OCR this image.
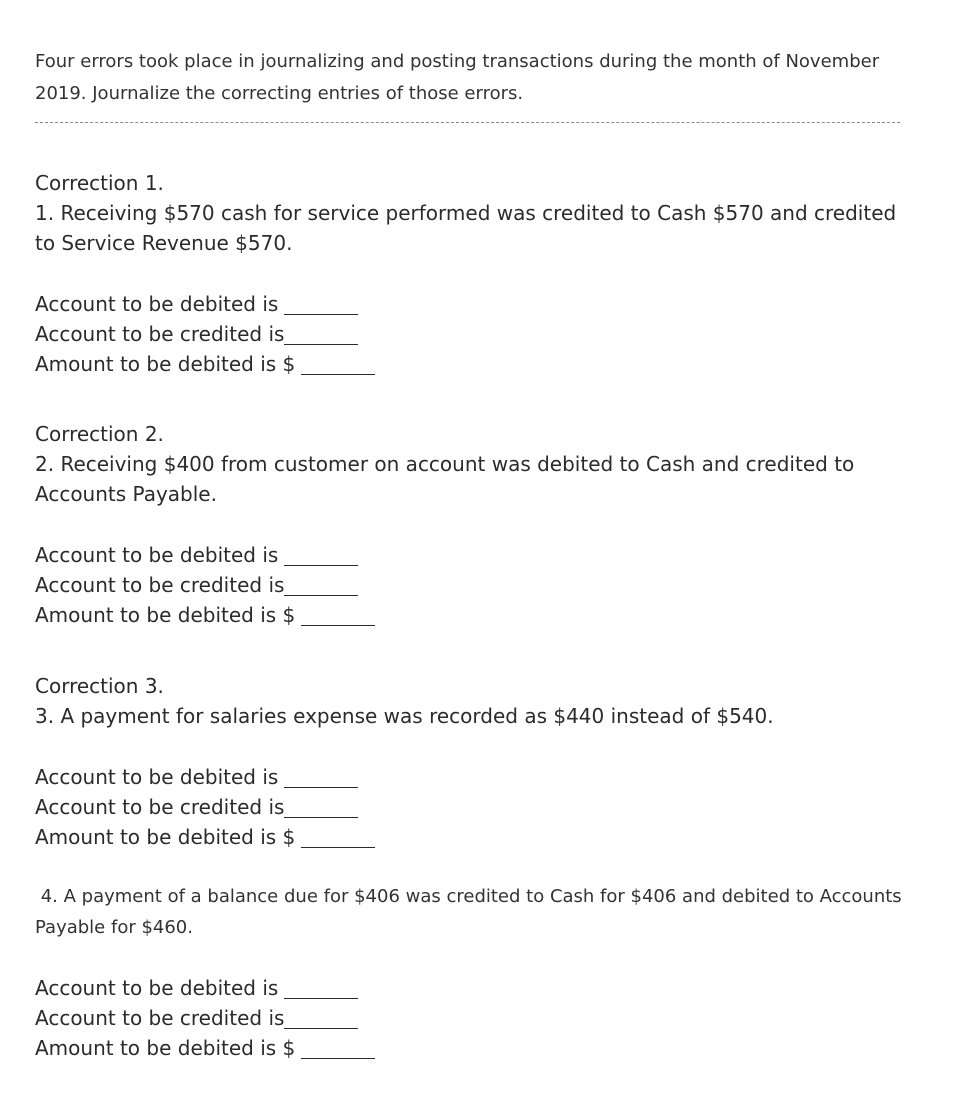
Four errors took place in journalizing and posting transactions during the month of November 2019. Journalize the correcting entries of those errors.
Correction 1.
1. Receiving $570 cash for service performed was credited to Cash $570 and credited to Service Revenue $570.
Account to be debited is
Account to be credited is
Amount to be debited is $
Correction 2.
2. Receiving $400 from customer on account was debited to Cash and credited to Accounts Payable.
Account to be debited is
Account to be credited is
Amount to be debited is $
Correction 3.
3. A payment for salaries expense was recorded as $440 instead of $540.
Account to be debited is
Account to be credited is
Amount to be debited is $
4. A payment of a balance due for $406 was credited to Cash for $406 and debited to Accounts Payable for $460.
Account to be debited is
Account to be credited is
Amount to be debited is $
